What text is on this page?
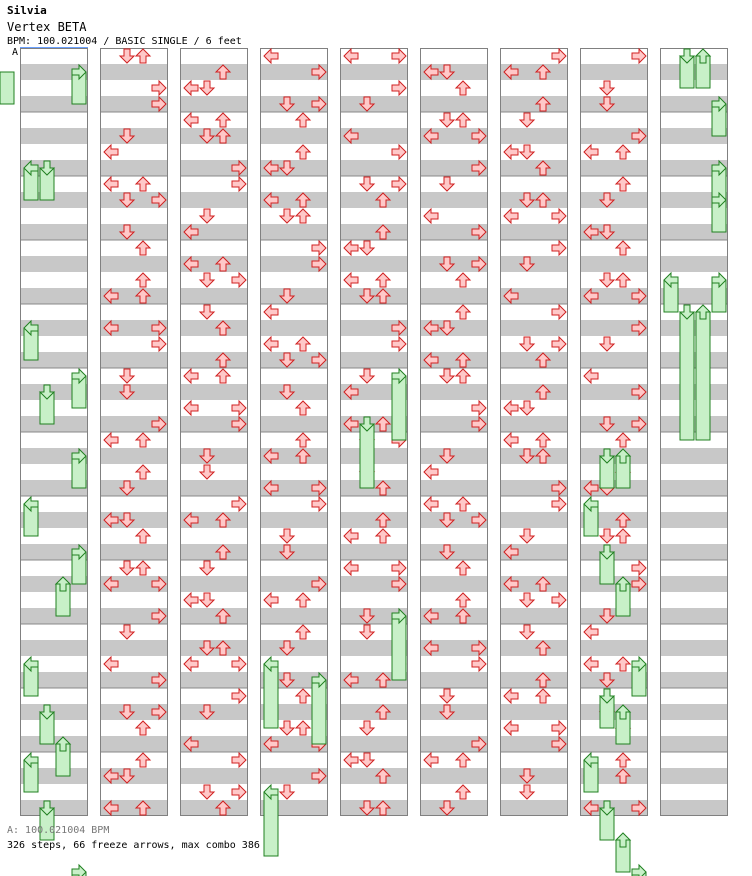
Silvia
Vertex BETA
BPM: 100.021004 / BASIC SINGLE / 6 feet
A
A: 100.021004 BPM
326 steps, 66 freeze arrows, max combo 386
